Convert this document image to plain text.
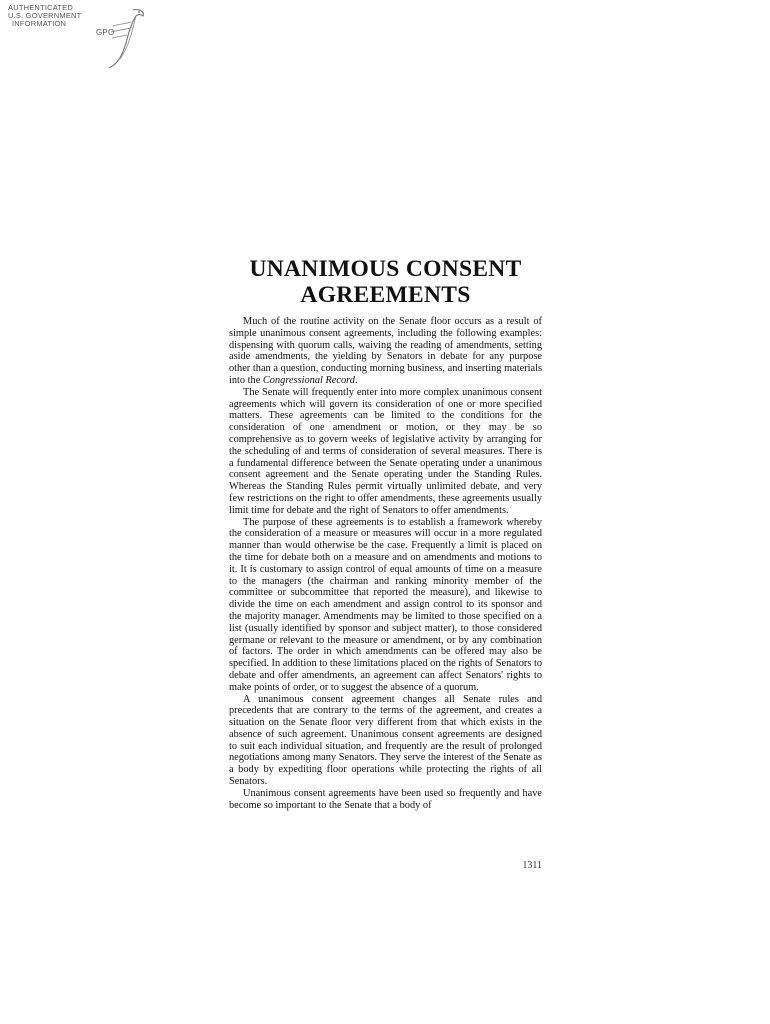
AUTHENTICATED
U.S. GOVERNMENT
INFORMATION
GPO
UNANIMOUS CONSENT
AGREEMENTS

Much of the routine activity on the Senate floor occurs as a result of simple unanimous consent agreements, including the following examples: dispensing with quorum calls, waiving the reading of amendments, setting aside amendments, the yielding by Senators in debate for any purpose other than a question, conducting morning business, and inserting materials into the Congressional Record.

The Senate will frequently enter into more complex unanimous consent agreements which will govern its consideration of one or more specified matters. These agreements can be limited to the conditions for the consideration of one amendment or motion, or they may be so comprehensive as to govern weeks of legislative activity by arranging for the scheduling of and terms of consideration of several measures. There is a fundamental difference between the Senate operating under a unanimous consent agreement and the Senate operating under the Standing Rules. Whereas the Standing Rules permit virtually unlimited debate, and very few restrictions on the right to offer amendments, these agreements usually limit time for debate and the right of Senators to offer amendments.

The purpose of these agreements is to establish a framework whereby the consideration of a measure or measures will occur in a more regulated manner than would otherwise be the case. Frequently a limit is placed on the time for debate both on a measure and on amendments and motions to it. It is customary to assign control of equal amounts of time on a measure to the managers (the chairman and ranking minority member of the committee or subcommittee that reported the measure), and likewise to divide the time on each amendment and assign control to its sponsor and the majority manager. Amendments may be limited to those specified on a list (usually identified by sponsor and subject matter), to those considered germane or relevant to the measure or amendment, or by any combination of factors. The order in which amendments can be offered may also be specified. In addition to these limitations placed on the rights of Senators to debate and offer amendments, an agreement can affect Senators' rights to make points of order, or to suggest the absence of a quorum.

A unanimous consent agreement changes all Senate rules and precedents that are contrary to the terms of the agreement, and creates a situation on the Senate floor very different from that which exists in the absence of such agreement. Unanimous consent agreements are designed to suit each individual situation, and frequently are the result of prolonged negotiations among many Senators. They serve the interest of the Senate as a body by expediting floor operations while protecting the rights of all Senators.

Unanimous consent agreements have been used so frequently and have become so important to the Senate that a body of

1311
